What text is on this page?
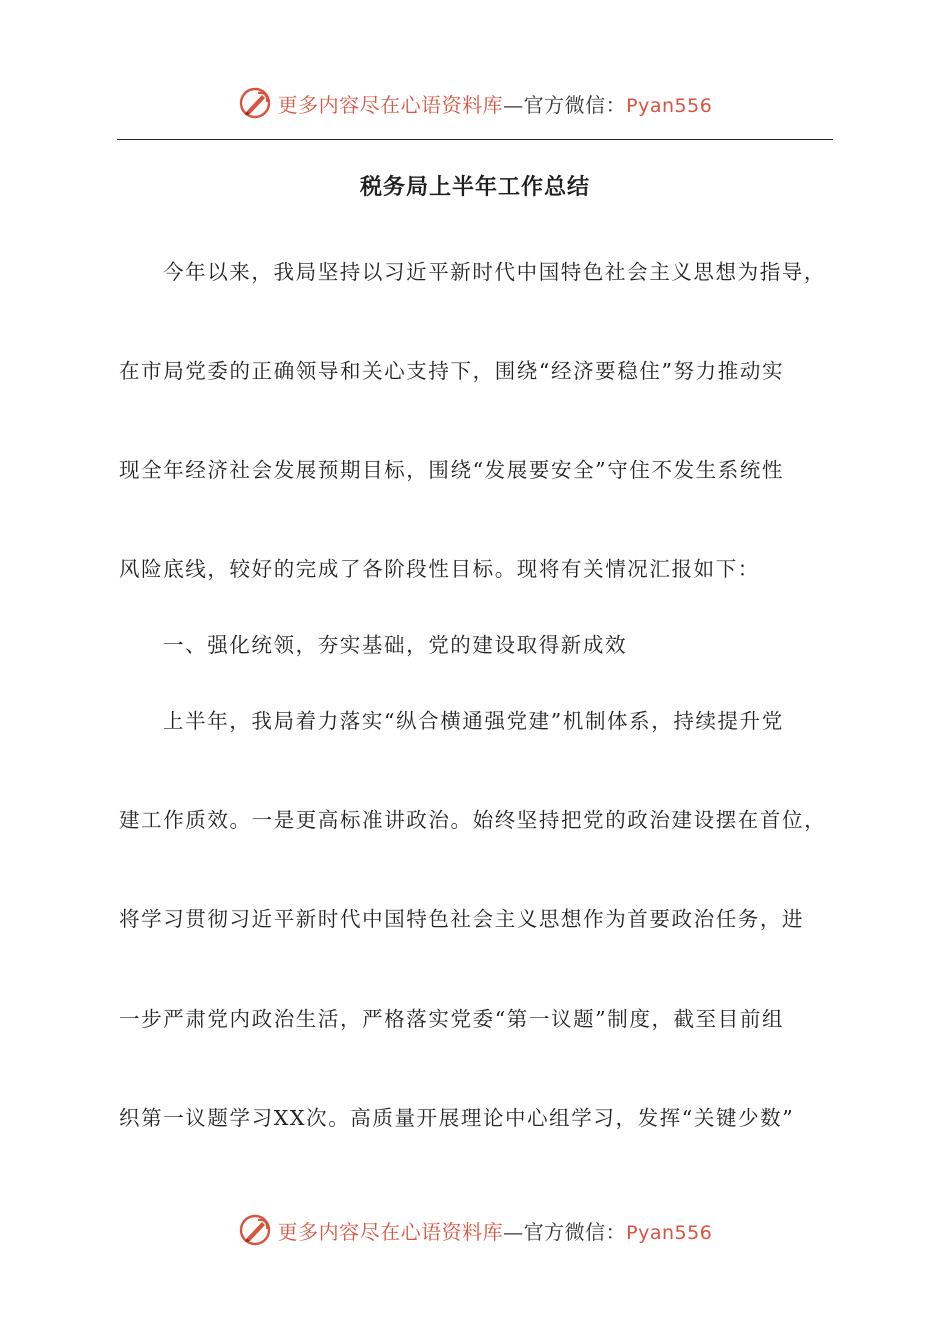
更多内容尽在心语资料库—官方微信：Pyan556
税务局上半年工作总结
今年以来，我局坚持以习近平新时代中国特色社会主义思想为指导，
在市局党委的正确领导和关心支持下，围绕“经济要稳住”努力推动实
现全年经济社会发展预期目标，围绕“发展要安全”守住不发生系统性
风险底线，较好的完成了各阶段性目标。现将有关情况汇报如下：
一、强化统领，夯实基础，党的建设取得新成效
上半年，我局着力落实“纵合横通强党建”机制体系，持续提升党
建工作质效。一是更高标准讲政治。始终坚持把党的政治建设摆在首位，
将学习贯彻习近平新时代中国特色社会主义思想作为首要政治任务，进
一步严肃党内政治生活，严格落实党委“第一议题”制度，截至目前组
织第一议题学习XX次。高质量开展理论中心组学习，发挥“关键少数”
更多内容尽在心语资料库—官方微信：Pyan556
